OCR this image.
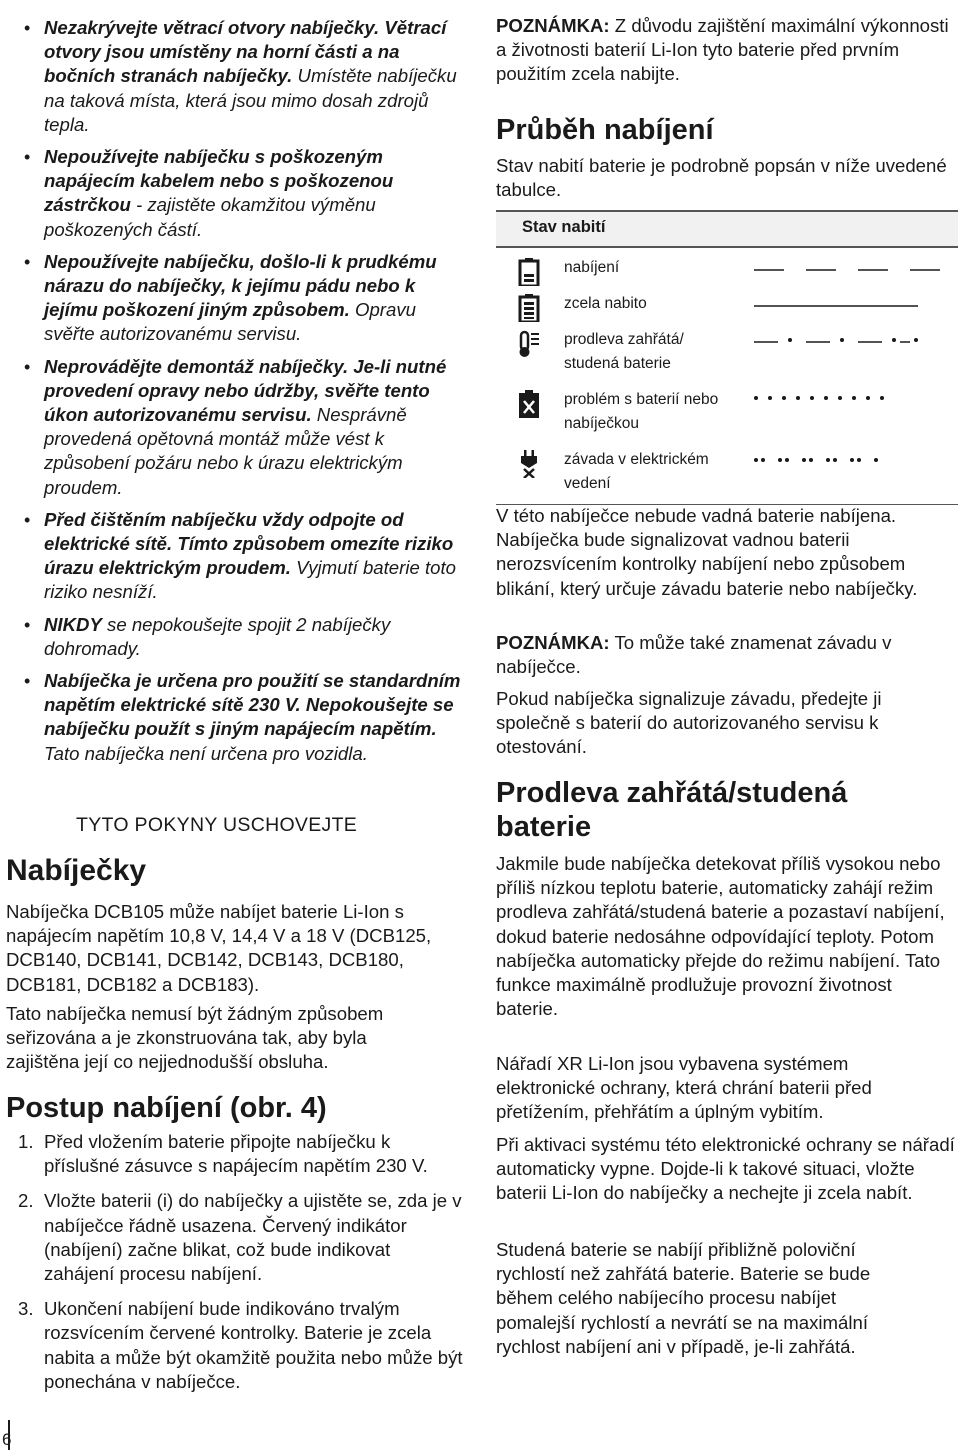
• Nezakrývejte větrací otvory nabíječky. Větrací otvory jsou umístěny na horní části a na bočních stranách nabíječky. Umístěte nabíječku na taková místa, která jsou mimo dosah zdrojů tepla.
• Nepoužívejte nabíječku s poškozeným napájecím kabelem nebo s poškozenou zástrčkou - zajistěte okamžitou výměnu poškozených částí.
• Nepoužívejte nabíječku, došlo-li k prudkému nárazu do nabíječky, k jejímu pádu nebo k jejímu poškození jiným způsobem. Opravu svěřte autorizovanému servisu.
• Neprovádějte demontáž nabíječky. Je-li nutné provedení opravy nebo údržby, svěřte tento úkon autorizovanému servisu. Nesprávně provedená opětovná montáž může vést k způsobení požáru nebo k úrazu elektrickým proudem.
• Před čištěním nabíječku vždy odpojte od elektrické sítě. Tímto způsobem omezíte riziko úrazu elektrickým proudem. Vyjmutí baterie toto riziko nesníží.
• NIKDY se nepokoušejte spojit 2 nabíječky dohromady.
• Nabíječka je určena pro použití se standardním napětím elektrické sítě 230 V. Nepokoušejte se nabíječku použít s jiným napájecím napětím. Tato nabíječka není určena pro vozidla.
TYTO POKYNY USCHOVEJTE
Nabíječky
Nabíječka DCB105 může nabíjet baterie Li-Ion s napájecím napětím 10,8 V, 14,4 V a 18 V (DCB125, DCB140, DCB141, DCB142, DCB143, DCB180, DCB181, DCB182 a DCB183).
Tato nabíječka nemusí být žádným způsobem seřizována a je zkonstruována tak, aby byla zajištěna její co nejjednodušší obsluha.
Postup nabíjení (obr. 4)
1. Před vložením baterie připojte nabíječku k příslušné zásuvce s napájecím napětím 230 V.
2. Vložte baterii (i) do nabíječky a ujistěte se, zda je v nabíječce řádně usazena. Červený indikátor (nabíjení) začne blikat, což bude indikovat zahájení procesu nabíjení.
3. Ukončení nabíjení bude indikováno trvalým rozsvícením červené kontrolky. Baterie je zcela nabita a může být okamžitě použita nebo může být ponechána v nabíječce.
6
POZNÁMKA: Z důvodu zajištění maximální výkonnosti a životnosti baterií Li-Ion tyto baterie před prvním použitím zcela nabijte.
Průběh nabíjení
Stav nabití baterie je podrobně popsán v níže uvedené tabulce.
Stav nabití
nabíjení
zcela nabito
prodleva zahřátá/ studená baterie
problém s baterií nebo nabíječkou
závada v elektrickém vedení
V této nabíječce nebude vadná baterie nabíjena. Nabíječka bude signalizovat vadnou baterii nerozsvícením kontrolky nabíjení nebo způsobem blikání, který určuje závadu baterie nebo nabíječky.
POZNÁMKA: To může také znamenat závadu v nabíječce.
Pokud nabíječka signalizuje závadu, předejte ji společně s baterií do autorizovaného servisu k otestování.
Prodleva zahřátá/studená baterie
Jakmile bude nabíječka detekovat příliš vysokou nebo příliš nízkou teplotu baterie, automaticky zahájí režim prodleva zahřátá/studená baterie a pozastaví nabíjení, dokud baterie nedosáhne odpovídající teploty. Potom nabíječka automaticky přejde do režimu nabíjení. Tato funkce maximálně prodlužuje provozní životnost baterie.
Nářadí XR Li-Ion jsou vybavena systémem elektronické ochrany, která chrání baterii před přetížením, přehřátím a úplným vybitím.
Při aktivaci systému této elektronické ochrany se nářadí automaticky vypne. Dojde-li k takové situaci, vložte baterii Li-Ion do nabíječky a nechejte ji zcela nabít.
Studená baterie se nabíjí přibližně poloviční rychlostí než zahřátá baterie. Baterie se bude během celého nabíjecího procesu nabíjet pomalejší rychlostí a nevrátí se na maximální rychlost nabíjení ani v případě, je-li zahřátá.
